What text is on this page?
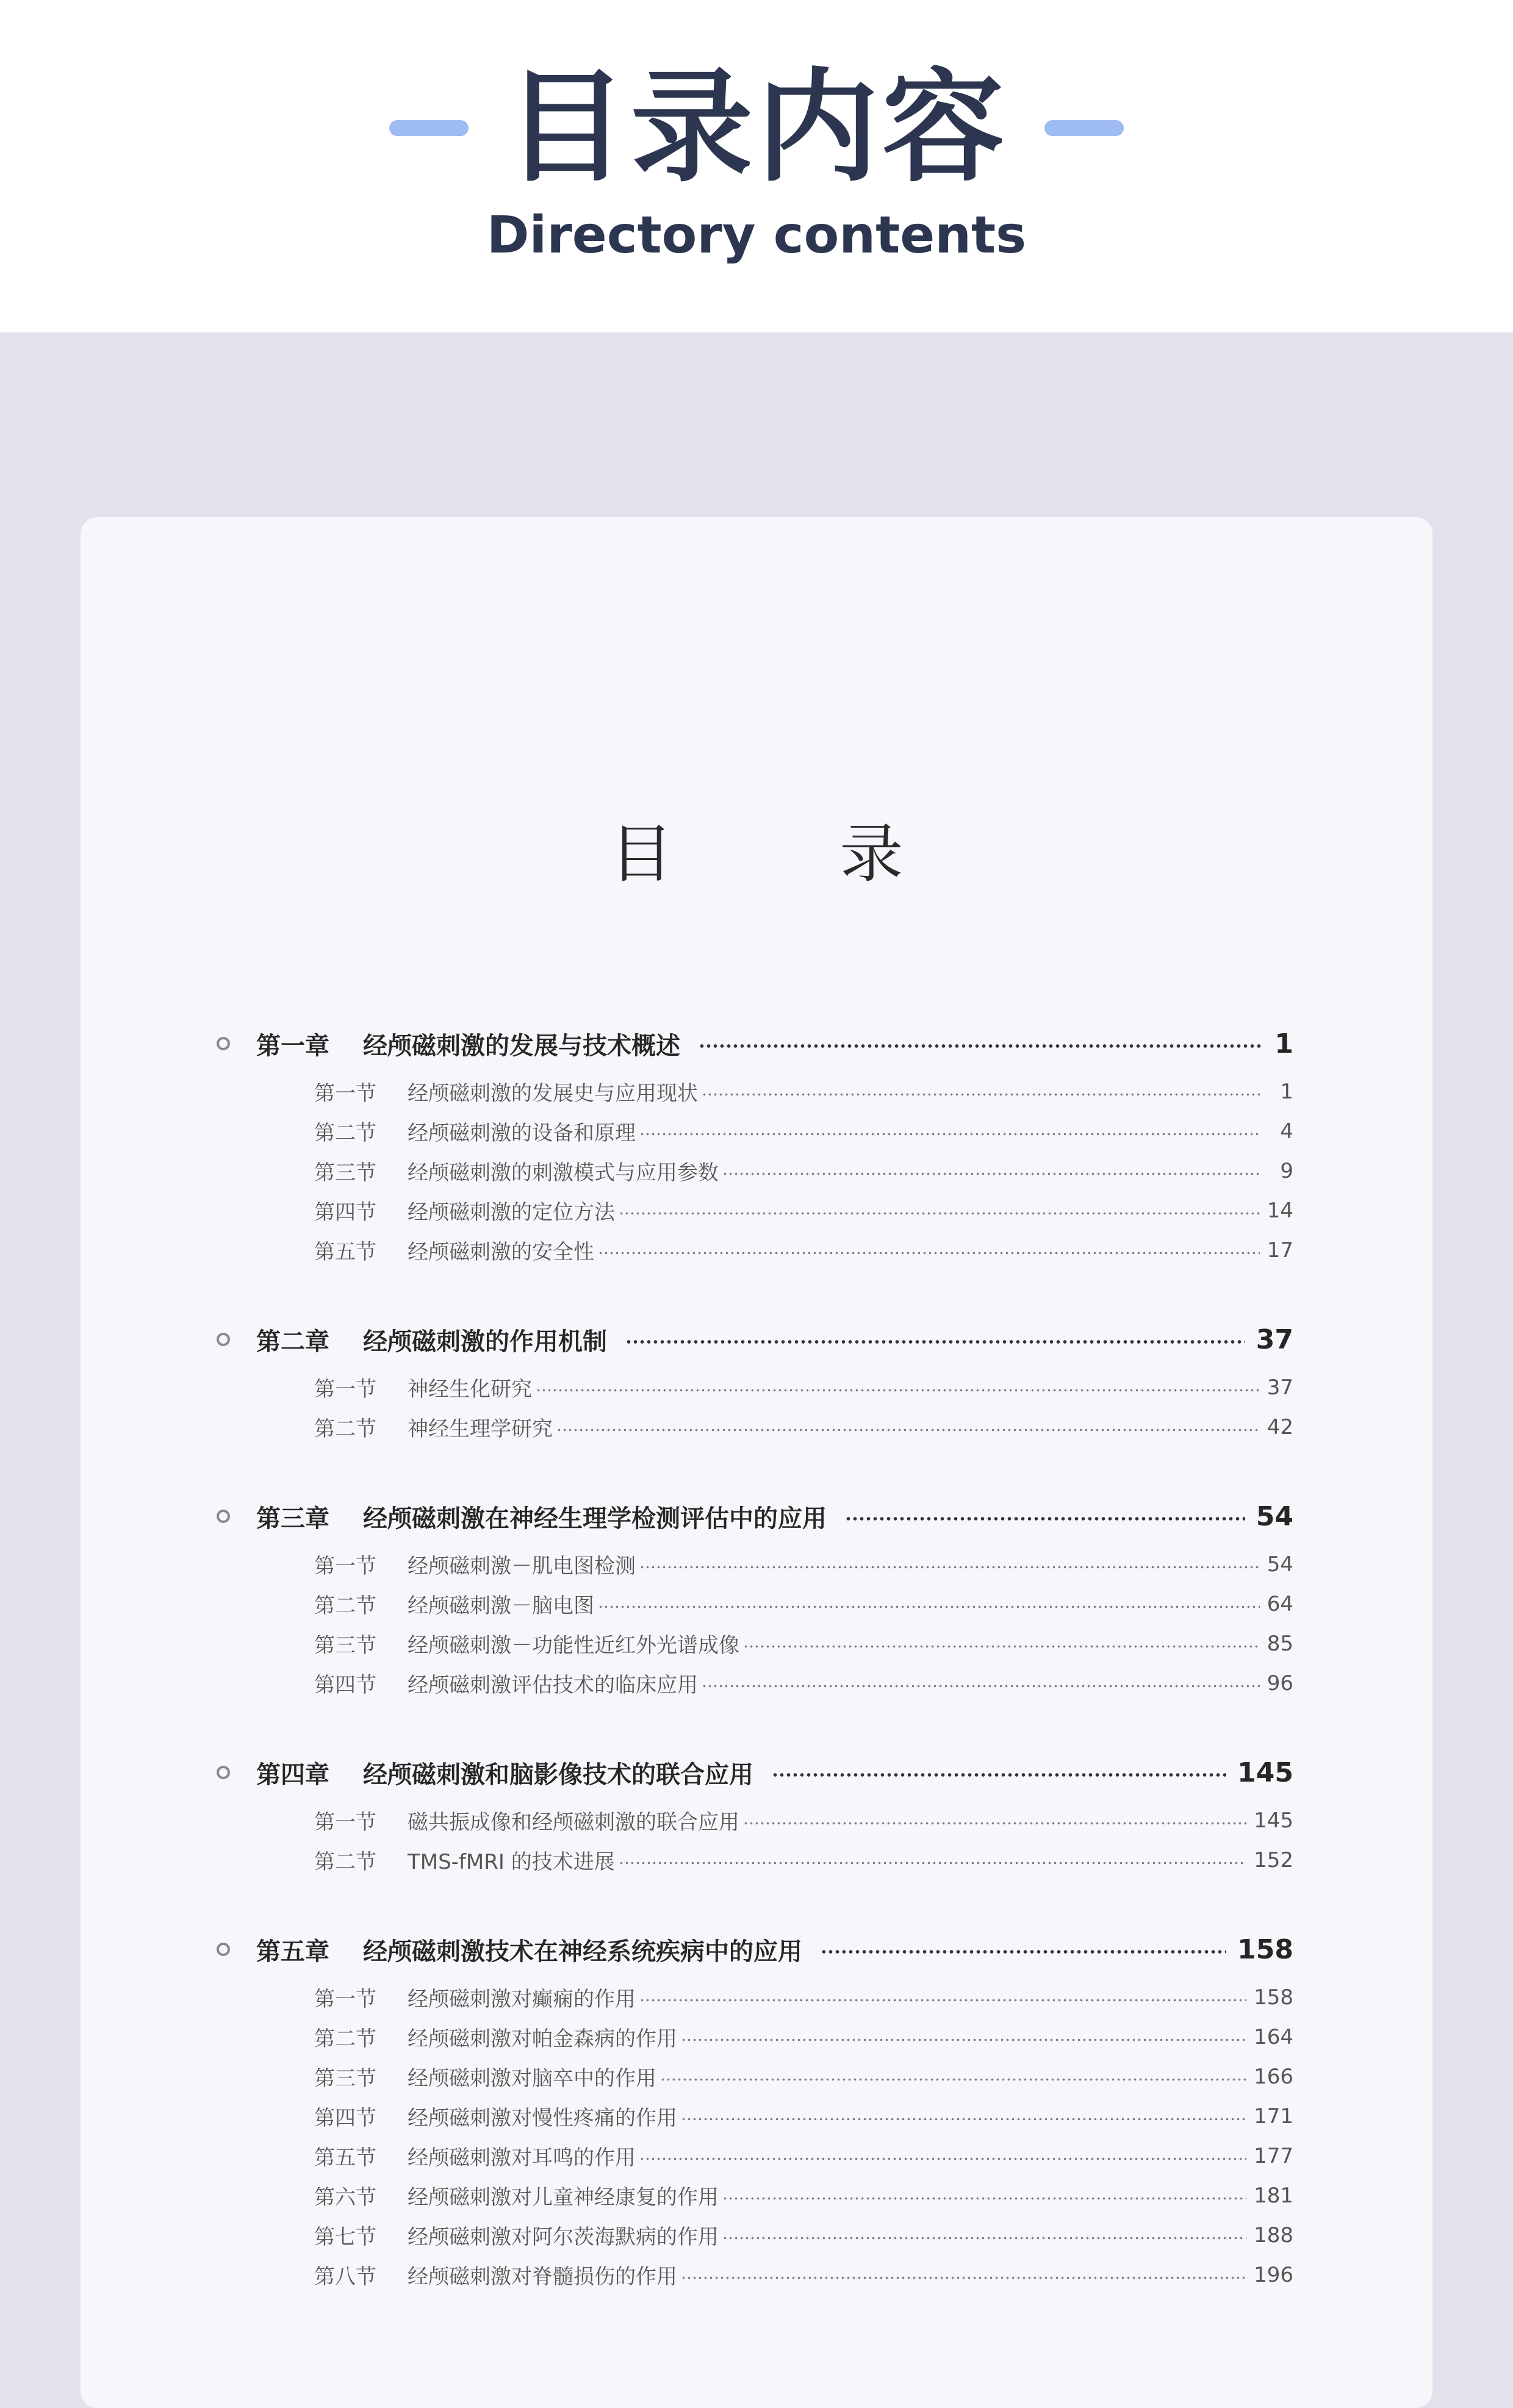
目录内容
Directory contents
目 录
第一章 经颅磁刺激的发展与技术概述	1
第一节 经颅磁刺激的发展史与应用现状	1
第二节 经颅磁刺激的设备和原理	4
第三节 经颅磁刺激的刺激模式与应用参数	9
第四节 经颅磁刺激的定位方法	14
第五节 经颅磁刺激的安全性	17
第二章 经颅磁刺激的作用机制	37
第一节 神经生化研究	37
第二节 神经生理学研究	42
第三章 经颅磁刺激在神经生理学检测评估中的应用	54
第一节 经颅磁刺激－肌电图检测	54
第二节 经颅磁刺激－脑电图	64
第三节 经颅磁刺激－功能性近红外光谱成像	85
第四节 经颅磁刺激评估技术的临床应用	96
第四章 经颅磁刺激和脑影像技术的联合应用	145
第一节 磁共振成像和经颅磁刺激的联合应用	145
第二节 TMS-fMRI 的技术进展	152
第五章 经颅磁刺激技术在神经系统疾病中的应用	158
第一节 经颅磁刺激对癫痫的作用	158
第二节 经颅磁刺激对帕金森病的作用	164
第三节 经颅磁刺激对脑卒中的作用	166
第四节 经颅磁刺激对慢性疼痛的作用	171
第五节 经颅磁刺激对耳鸣的作用	177
第六节 经颅磁刺激对儿童神经康复的作用	181
第七节 经颅磁刺激对阿尔茨海默病的作用	188
第八节 经颅磁刺激对脊髓损伤的作用	196
